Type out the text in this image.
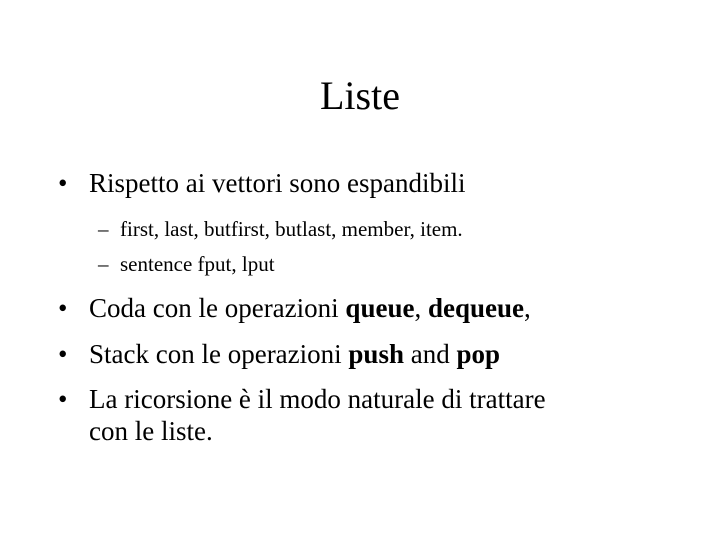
Liste
• Rispetto ai vettori sono espandibili
– first, last, butfirst, butlast, member, item.
– sentence fput, lput
• Coda con le operazioni queue, dequeue,
• Stack con le operazioni push and pop
• La ricorsione è il modo naturale di trattare
con le liste.
